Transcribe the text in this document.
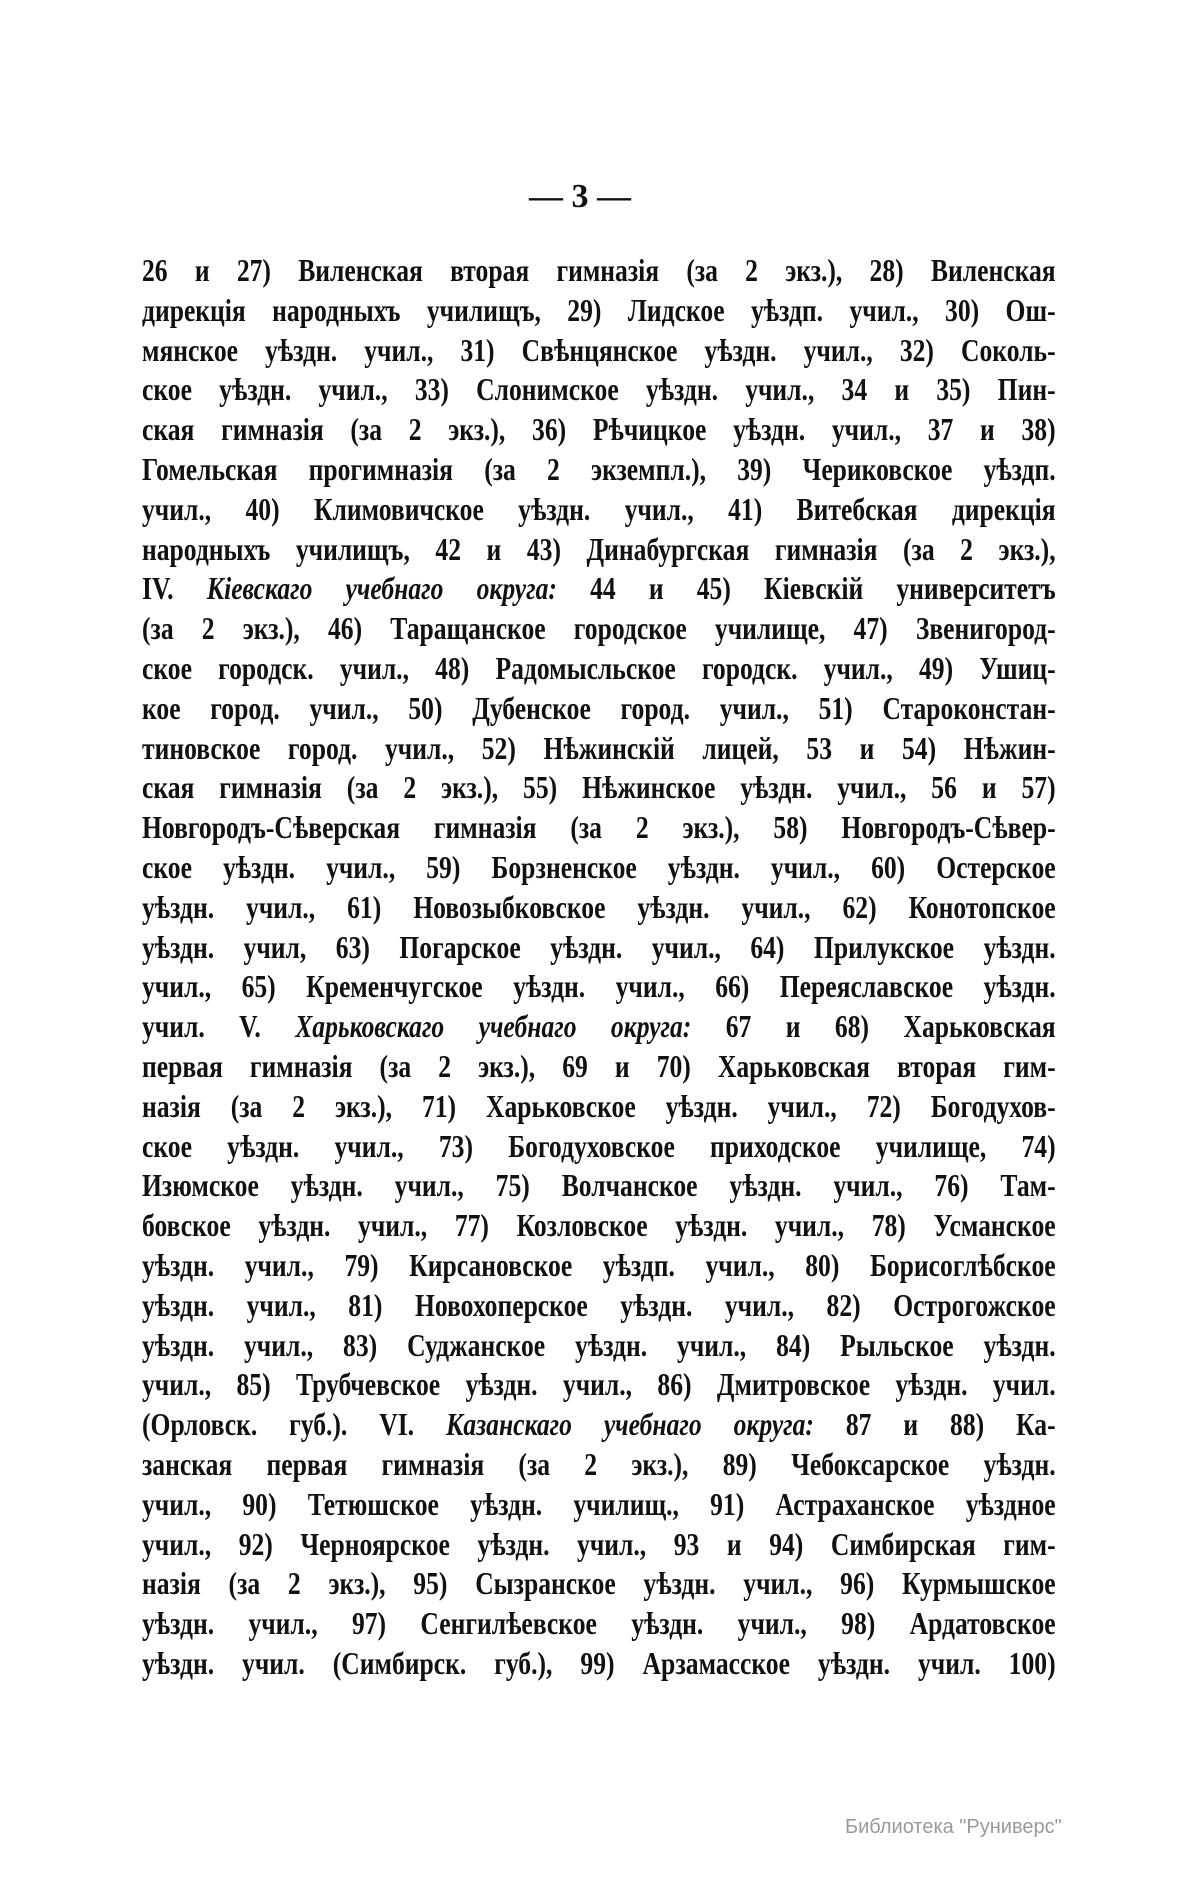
— 3 —
26 и 27) Виленская вторая гимназія (за 2 экз.), 28) Виленская
дирекція народныхъ училищъ, 29) Лидское уѣздп. учил., 30) Ош-
мянское уѣздн. учил., 31) Свѣнцянское уѣздн. учил., 32) Соколь-
ское уѣздн. учил., 33) Слонимское уѣздн. учил., 34 и 35) Пин-
ская гимназія (за 2 экз.), 36) Рѣчицкое уѣздн. учил., 37 и 38)
Гомельская прогимназія (за 2 экземпл.), 39) Чериковское уѣздп.
учил., 40) Климовичское уѣздн. учил., 41) Витебская дирекція
народныхъ училищъ, 42 и 43) Динабургская гимназія (за 2 экз.),
IV. Кіевскаго учебнаго округа: 44 и 45) Кіевскій университетъ
(за 2 экз.), 46) Таращанское городское училище, 47) Звенигород-
ское городск. учил., 48) Радомысльское городск. учил., 49) Ушиц-
кое город. учил., 50) Дубенское город. учил., 51) Староконстан-
тиновское город. учил., 52) Нѣжинскій лицей, 53 и 54) Нѣжин-
ская гимназія (за 2 экз.), 55) Нѣжинское уѣздн. учил., 56 и 57)
Новгородъ-Сѣверская гимназія (за 2 экз.), 58) Новгородъ-Сѣвер-
ское уѣздн. учил., 59) Борзненское уѣздн. учил., 60) Остерское
уѣздн. учил., 61) Новозыбковское уѣздн. учил., 62) Конотопское
уѣздн. учил, 63) Погарское уѣздн. учил., 64) Прилукское уѣздн.
учил., 65) Кременчугское уѣздн. учил., 66) Переяславское уѣздн.
учил. V. Харьковскаго учебнаго округа: 67 и 68) Харьковская
первая гимназія (за 2 экз.), 69 и 70) Харьковская вторая гим-
назія (за 2 экз.), 71) Харьковское уѣздн. учил., 72) Богодухов-
ское уѣздн. учил., 73) Богодуховское приходское училище, 74)
Изюмское уѣздн. учил., 75) Волчанское уѣздн. учил., 76) Там-
бовское уѣздн. учил., 77) Козловское уѣздн. учил., 78) Усманское
уѣздн. учил., 79) Кирсановское уѣздп. учил., 80) Борисоглѣбское
уѣздн. учил., 81) Новохоперское уѣздн. учил., 82) Острогожское
уѣздн. учил., 83) Суджанское уѣздн. учил., 84) Рыльское уѣздн.
учил., 85) Трубчевское уѣздн. учил., 86) Дмитровское уѣздн. учил.
(Орловск. губ.). VI. Казанскаго учебнаго округа: 87 и 88) Ка-
занская первая гимназія (за 2 экз.), 89) Чебоксарское уѣздн.
учил., 90) Тетюшское уѣздн. училищ., 91) Астраханское уѣздное
учил., 92) Черноярское уѣздн. учил., 93 и 94) Симбирская гим-
назія (за 2 экз.), 95) Сызранское уѣздн. учил., 96) Курмышское
уѣздн. учил., 97) Сенгилѣевское уѣздн. учил., 98) Ардатовское
уѣздн. учил. (Симбирск. губ.), 99) Арзамасское уѣздн. учил. 100)
Библиотека "Руниверс"
